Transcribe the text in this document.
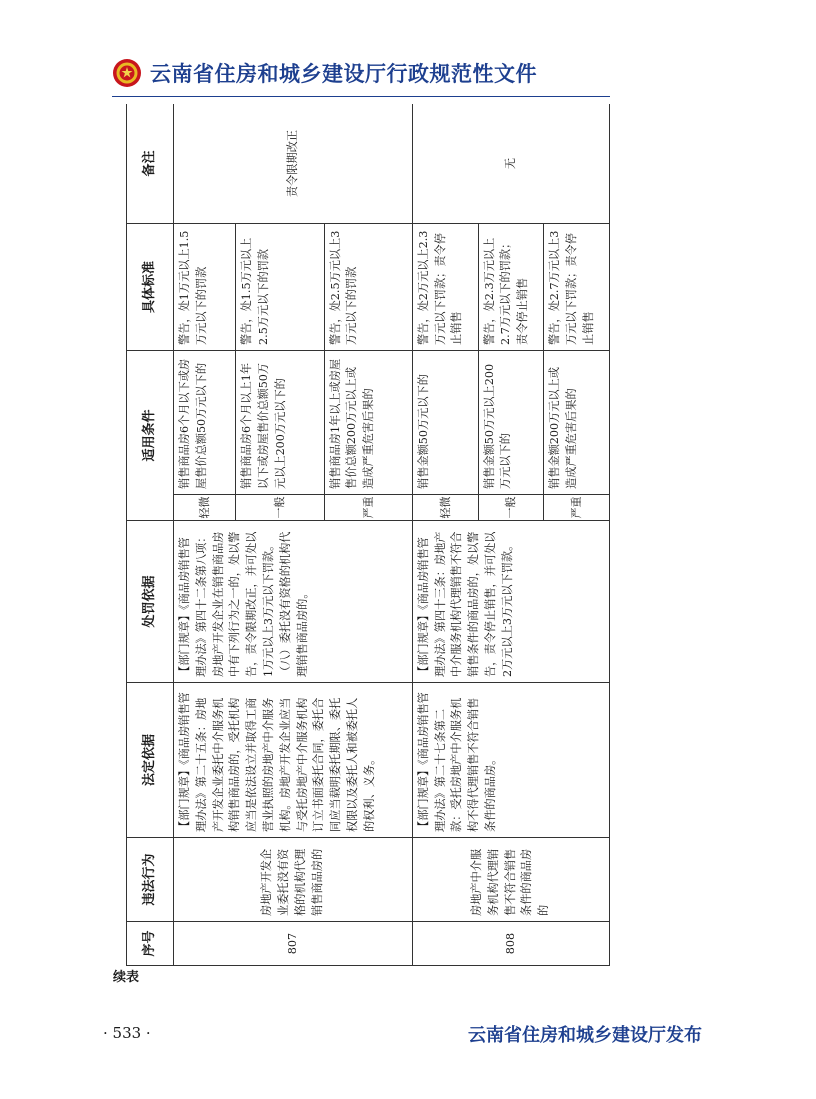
云南省住房和城乡建设厅行政规范性文件
序号	违法行为	法定依据	处罚依据	适用条件		具体标准	备注
807	房地产开发企业委托没有资格的机构代理销售商品房的	【部门规章】《商品房销售管理办法》第二十五条：房地产开发企业委托中介服务机构销售商品房的，受托机构应当是依法设立并取得工商营业执照的房地产中介服务机构。房地产开发企业应当与受托房地产中介服务机构订立书面委托合同，委托合同应当载明委托期限、委托权限以及委托人和被委托人的权利、义务。	【部门规章】《商品房销售管理办法》第四十二条第八项：房地产开发企业在销售商品房中有下列行为之一的，处以警告，责令限期改正，并可处以1万元以上3万元以下罚款。（八）委托没有资格的机构代理销售商品房的。	轻微	销售商品房6个月以下或房屋售价总额50万元以下的	警告，处1万元以上1.5万元以下的罚款	责令限期改正
				一般	销售商品房6个月以上1年以下或房屋售价总额50万元以上200万元以下的	警告，处1.5万元以上2.5万元以下的罚款	
				严重	销售商品房1年以上或房屋售价总额200万元以上或造成严重危害后果的	警告，处2.5万元以上3万元以下的罚款	
808	房地产中介服务机构代理销售不符合销售条件的商品房的	【部门规章】《商品房销售管理办法》第二十七条第二款：受托房地产中介服务机构不得代理销售不符合销售条件的商品房。	【部门规章】《商品房销售管理办法》第四十三条：房地产中介服务机构代理销售不符合销售条件的商品房的，处以警告，责令停止销售，并可处以2万元以上3万元以下罚款。	轻微	销售金额50万元以下的	警告，处2万元以上2.3万元以下罚款；责令停止销售	无
				一般	销售金额50万元以上200万元以下的	警告，处2.3万元以上2.7万元以下的罚款；责令停止销售	
				严重	销售金额200万元以上或造成严重危害后果的	警告，处2.7万元以上3万元以下罚款；责令停止销售	
续表
· 533 ·	云南省住房和城乡建设厅发布
